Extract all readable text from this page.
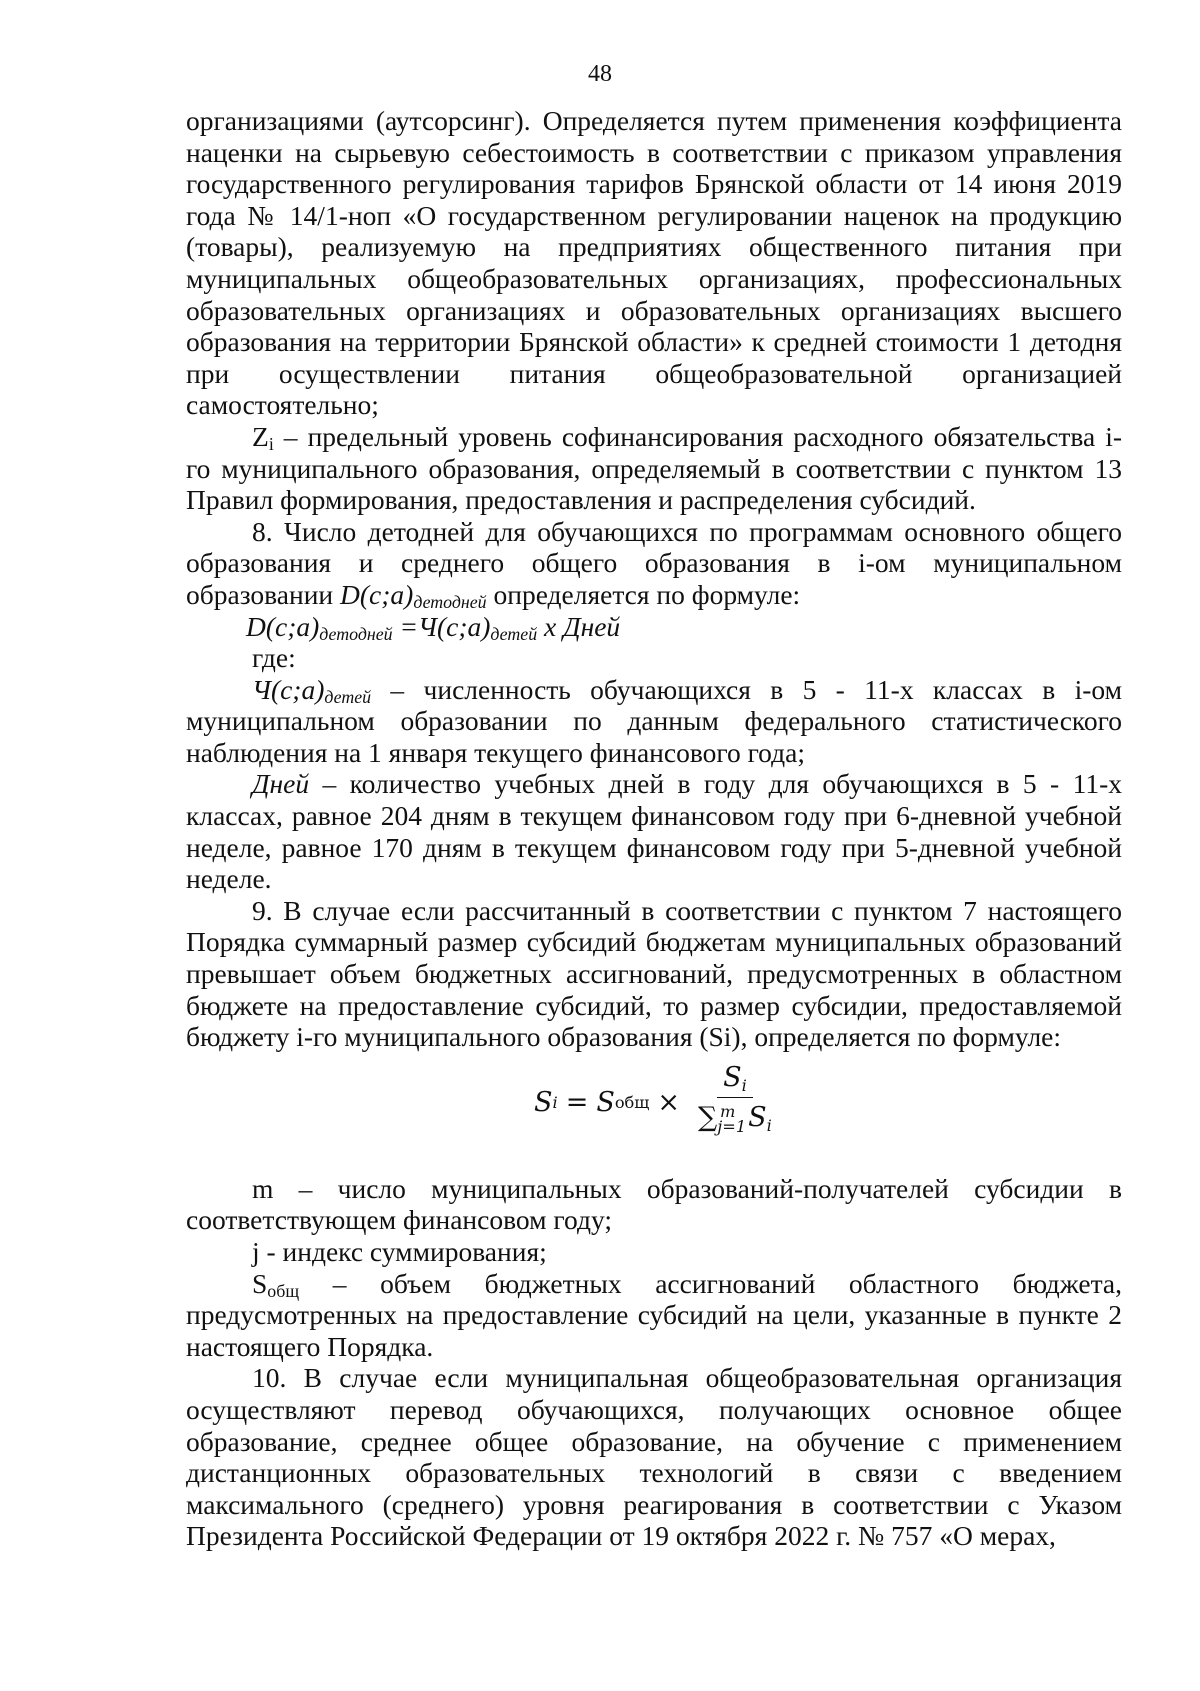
48

организациями (аутсорсинг). Определяется путем применения коэффициента наценки на сырьевую себестоимость в соответствии с приказом управления государственного регулирования тарифов Брянской области от 14 июня 2019 года № 14/1-ноп «О государственном регулировании наценок на продукцию (товары), реализуемую на предприятиях общественного питания при муниципальных общеобразовательных организациях, профессиональных образовательных организациях и образовательных организациях высшего образования на территории Брянской области» к средней стоимости 1 детодня при осуществлении питания общеобразовательной организацией самостоятельно;

$Z_i$ – предельный уровень софинансирования расходного обязательства i-го муниципального образования, определяемый в соответствии с пунктом 13 Правил формирования, предоставления и распределения субсидий.

8. Число детодней для обучающихся по программам основного общего образования и среднего общего образования в i-ом муниципальном образовании $D(c;a)_{детодней}$ определяется по формуле:

$D(c;a)_{детодней}$ $=Ч(c;a)_{детей}$ х Дней

где:

$Ч(c;a)_{детей}$ – численность обучающихся в 5 - 11-х классах в i-ом муниципальном образовании по данным федерального статистического наблюдения на 1 января текущего финансового года;

Дней – количество учебных дней в году для обучающихся в 5 - 11-х классах, равное 204 дням в текущем финансовом году при 6-дневной учебной неделе, равное 170 дням в текущем финансовом году при 5-дневной учебной неделе.

9. В случае если рассчитанный в соответствии с пунктом 7 настоящего Порядка суммарный размер субсидий бюджетам муниципальных образований превышает объем бюджетных ассигнований, предусмотренных в областном бюджете на предоставление субсидий, то размер субсидии, предоставляемой бюджету i-го муниципального образования (Si), определяется по формуле:

S i = S общ × Si
∑ m
$_{j=1}$Si

m – число муниципальных образований-получателей субсидии в соответствующем финансовом году;

j - индекс суммирования;

$S_{общ}$ – объем бюджетных ассигнований областного бюджета, предусмотренных на предоставление субсидий на цели, указанные в пункте 2 настоящего Порядка.

10. В случае если муниципальная общеобразовательная организация осуществляют перевод обучающихся, получающих основное общее образование, среднее общее образование, на обучение с применением дистанционных образовательных технологий в связи с введением максимального (среднего) уровня реагирования в соответствии с Указом Президента Российской Федерации от 19 октября 2022 г. № 757 «О мерах,
